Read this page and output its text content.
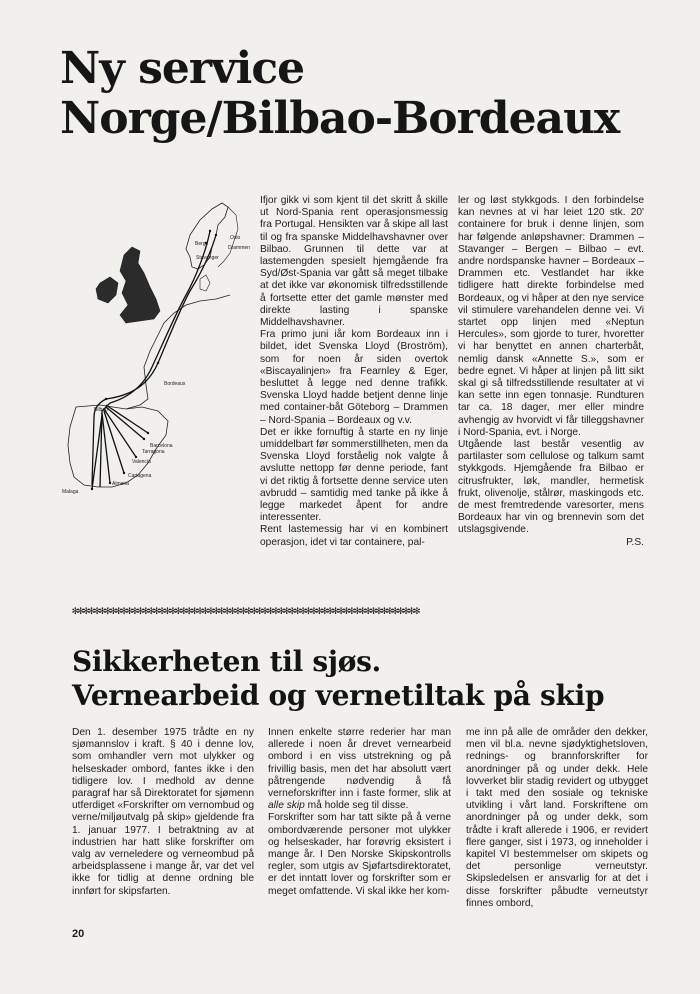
Ny service
Norge/Bilbao-Bordeaux
Oslo
Berge
Drammen
Stavanger
Bordeaux
Bilbao
Barcelona
Tarragona
Valencia
Cartagena
Almeria
Malaga

Ifjor gikk vi som kjent til det skritt å skille ut Nord-Spania rent operasjonsmessig fra Portugal. Hensikten var å skipe all last til og fra spanske Middelhavshavner over Bilbao. Grunnen til dette var at lastemengden spesielt hjemgående fra Syd/Øst-Spania var gått så meget tilbake at det ikke var økonomisk tilfredsstillende å fortsette etter det gamle mønster med direkte lasting i spanske Middelhavshavner.

Fra primo juni iår kom Bordeaux inn i bildet, idet Svenska Lloyd (Broström), som for noen år siden overtok «Biscayalinjen» fra Fearnley & Eger, besluttet å legge ned denne trafikk. Svenska Lloyd hadde betjent denne linje med container-båt Göteborg – Drammen – Nord-Spania – Bordeaux og v.v.

Det er ikke fornuftig å starte en ny linje umiddelbart før sommerstillheten, men da Svenska Lloyd forståelig nok valgte å avslutte nettopp før denne periode, fant vi det riktig å fortsette denne service uten avbrudd – samtidig med tanke på ikke å legge markedet åpent for andre interessenter.

Rent lastemessig har vi en kombinert operasjon, idet vi tar containere, pal-

ler og løst stykkgods. I den forbindelse kan nevnes at vi har leiet 120 stk. 20' containere for bruk i denne linjen, som har følgende anløpshavner: Drammen – Stavanger – Bergen – Bilbao – evt. andre nordspanske havner – Bordeaux – Drammen etc. Vestlandet har ikke tidligere hatt direkte forbindelse med Bordeaux, og vi håper at den nye service vil stimulere varehandelen denne vei. Vi startet opp linjen med «Neptun Hercules», som gjorde to turer, hvoretter vi har benyttet en annen charterbåt, nemlig dansk «Annette S.», som er bedre egnet. Vi håper at linjen på litt sikt skal gi så tilfredsstillende resultater at vi kan sette inn egen tonnasje. Rundturen tar ca. 18 dager, mer eller mindre avhengig av hvorvidt vi får tilleggshavner i Nord-Spania, evt. i Norge.

Utgående last består vesentlig av partilaster som cellulose og talkum samt stykkgods. Hjemgående fra Bilbao er citrusfrukter, løk, mandler, hermetisk frukt, olivenolje, stålrør, maskingods etc. de mest fremtredende varesorter, mens Bordeaux har vin og brennevin som det utslagsgivende.

P.S.

✻✻✻✻✻✻✻✻✻✻✻✻✻✻✻✻✻✻✻✻✻✻✻✻✻✻✻✻✻✻✻✻✻✻✻✻✻✻✻✻✻✻✻✻✻✻✻✻✻✻✻✻✻✻✻✻✻✻✻✻✻✻✻✻
Sikkerheten til sjøs.
Vernearbeid og vernetiltak på skip

Den 1. desember 1975 trådte en ny sjømannslov i kraft. § 40 i denne lov, som omhandler vern mot ulykker og helseskader ombord, fantes ikke i den tidligere lov. I medhold av denne paragraf har så Direktoratet for sjømenn utferdiget «Forskrifter om vernombud og verne/miljøutvalg på skip» gjeldende fra 1. januar 1977. I betraktning av at industrien har hatt slike forskrifter om valg av verneledere og verneombud på arbeidsplassene i mange år, var det vel ikke for tidlig at denne ordning ble innført for skipsfarten.

Innen enkelte større rederier har man allerede i noen år drevet vernearbeid ombord i en viss utstrekning og på frivillig basis, men det har absolutt vært påtrengende nødvendig å få verneforskrifter inn i faste former, slik at alle skip må holde seg til disse.

Forskrifter som har tatt sikte på å verne ombordværende personer mot ulykker og helseskader, har forøvrig eksistert i mange år. I Den Norske Skipskontrolls regler, som utgis av Sjøfartsdirektoratet, er det inntatt lover og forskrifter som er meget omfattende. Vi skal ikke her kom-

me inn på alle de områder den dekker, men vil bl.a. nevne sjødyktighetsloven, rednings- og brannforskrifter for anordninger på og under dekk. Hele lovverket blir stadig revidert og utbygget i takt med den sosiale og tekniske utvikling i vårt land. Forskriftene om anordninger på og under dekk, som trådte i kraft allerede i 1906, er revidert flere ganger, sist i 1973, og inneholder i kapitel VI bestemmelser om skipets og det personlige verneutstyr. Skipsledelsen er ansvarlig for at det i disse forskrifter påbudte verneutstyr finnes ombord,

20
